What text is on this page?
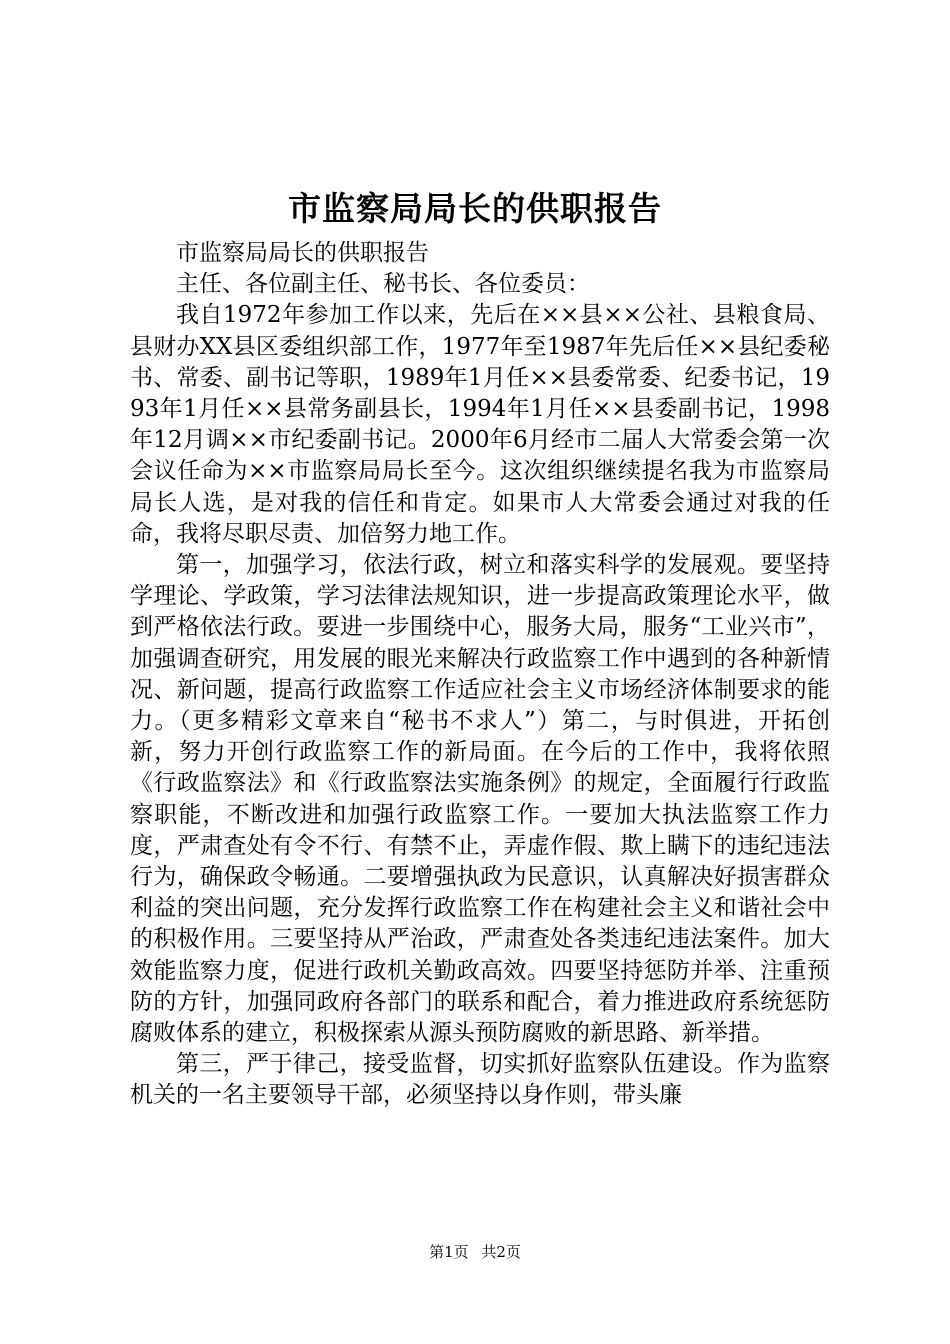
市监察局局长的供职报告

市监察局局长的供职报告

主任、各位副主任、秘书长、各位委员：

我自1972年参加工作以来，先后在××县××公社、县粮食局、县财办XX县区委组织部工作，1977年至1987年先后任××县纪委秘书、常委、副书记等职，1989年1月任××县委常委、纪委书记，1993年1月任××县常务副县长，1994年1月任××县委副书记，1998年12月调××市纪委副书记。2000年6月经市二届人大常委会第一次会议任命为××市监察局局长至今。这次组织继续提名我为市监察局局长人选，是对我的信任和肯定。如果市人大常委会通过对我的任命，我将尽职尽责、加倍努力地工作。

第一，加强学习，依法行政，树立和落实科学的发展观。要坚持学理论、学政策，学习法律法规知识，进一步提高政策理论水平，做到严格依法行政。要进一步围绕中心，服务大局，服务“工业兴市”，加强调查研究，用发展的眼光来解决行政监察工作中遇到的各种新情况、新问题，提高行政监察工作适应社会主义市场经济体制要求的能力。（更多精彩文章来自“秘书不求人”）第二，与时俱进，开拓创新，努力开创行政监察工作的新局面。在今后的工作中，我将依照《行政监察法》和《行政监察法实施条例》的规定，全面履行行政监察职能，不断改进和加强行政监察工作。一要加大执法监察工作力度，严肃查处有令不行、有禁不止，弄虚作假、欺上瞒下的违纪违法行为，确保政令畅通。二要增强执政为民意识，认真解决好损害群众利益的突出问题，充分发挥行政监察工作在构建社会主义和谐社会中的积极作用。三要坚持从严治政，严肃查处各类违纪违法案件。加大效能监察力度，促进行政机关勤政高效。四要坚持惩防并举、注重预防的方针，加强同政府各部门的联系和配合，着力推进政府系统惩防腐败体系的建立，积极探索从源头预防腐败的新思路、新举措。

第三，严于律己，接受监督，切实抓好监察队伍建设。作为监察机关的一名主要领导干部，必须坚持以身作则，带头廉

第1页 共2页
